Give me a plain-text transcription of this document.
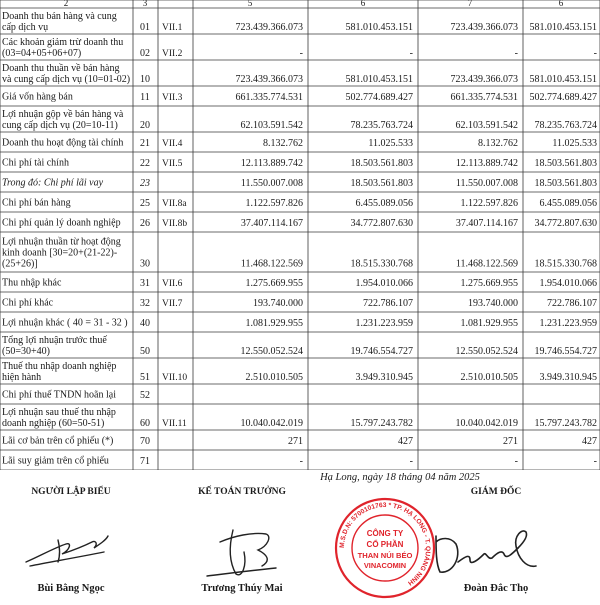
2	3	5	6	7	6
Doanh thu bán hàng và cung
cấp dịch vụ	01 VII.1	723.439.366.073	581.010.453.151	723.439.366.073 581.010.453.151
Các khoản giảm trừ doanh thu
(03=04+05+06+07)	02 VII.2	-	-	-	-
Doanh thu thuần về bán hàng
và cung cấp dịch vụ (10=01-02) 10	723.439.366.073	581.010.453.151	723.439.366.073 581.010.453.151
Giá vốn hàng bán	11 VII.3	661.335.774.531	502.774.689.427	661.335.774.531 502.774.689.427
Lợi nhuận gộp về bán hàng và
cung cấp dịch vụ (20=10-11) 20	62.103.591.542	78.235.763.724	62.103.591.542 78.235.763.724
Doanh thu hoạt động tài chính 21 VII.4	8.132.762	11.025.533	8.132.762	11.025.533
Chi phí tài chính	22 VII.5	12.113.889.742	18.503.561.803	12.113.889.742 18.503.561.803
Trong đó: Chi phí lãi vay	23	11.550.007.008	18.503.561.803	11.550.007.008 18.503.561.803
Chi phí bán hàng	25 VII.8a	1.122.597.826	6.455.089.056	1.122.597.826 6.455.089.056
Chi phí quản lý doanh nghiệp 26 VII.8b	37.407.114.167	34.772.807.630	37.407.114.167 34.772.807.630
Lợi nhuận thuần từ hoạt động
kinh doanh [30=20+(21-22)-
(25+26)]	30	11.468.122.569	18.515.330.768	11.468.122.569 18.515.330.768
Thu nhập khác	31 VII.6	1.275.669.955	1.954.010.066	1.275.669.955 1.954.010.066
Chi phí khác	32 VII.7	193.740.000	722.786.107	193.740.000	722.786.107
Lợi nhuận khác ( 40 = 31 - 32 ) 40	1.081.929.955	1.231.223.959	1.081.929.955 1.231.223.959
Tổng lợi nhuận trước thuế
(50=30+40)	50	12.550.052.524	19.746.554.727	12.550.052.524 19.746.554.727
Thuế thu nhập doanh nghiệp
hiện hành	51 VII.10	2.510.010.505	3.949.310.945	2.510.010.505 3.949.310.945
Chi phí thuế TNDN hoãn lại 52
Lợi nhuận sau thuế thu nhập
doanh nghiệp (60=50-51)	60 VII.11	10.040.042.019	15.797.243.782	10.040.042.019 15.797.243.782
Lãi cơ bản trên cổ phiếu (*)	70	271	427	271	427
Lãi suy giảm trên cổ phiếu	71	-	-	-	-
Hạ Long, ngày 18 tháng 04 năm 2025
NGƯỜI LẬP BIỂU	KẾ TOÁN TRƯỞNG	GIÁM ĐỐC
M.S.D.N: 5700101763 * TP. HẠ LONG - T. QUẢNG NINH
CÔNG TY
CỔ PHẦN
THAN NÚI BÉO
VINACOMIN
Bùi Bằng Ngọc	Trương Thúy Mai	Đoàn Đắc Thọ
